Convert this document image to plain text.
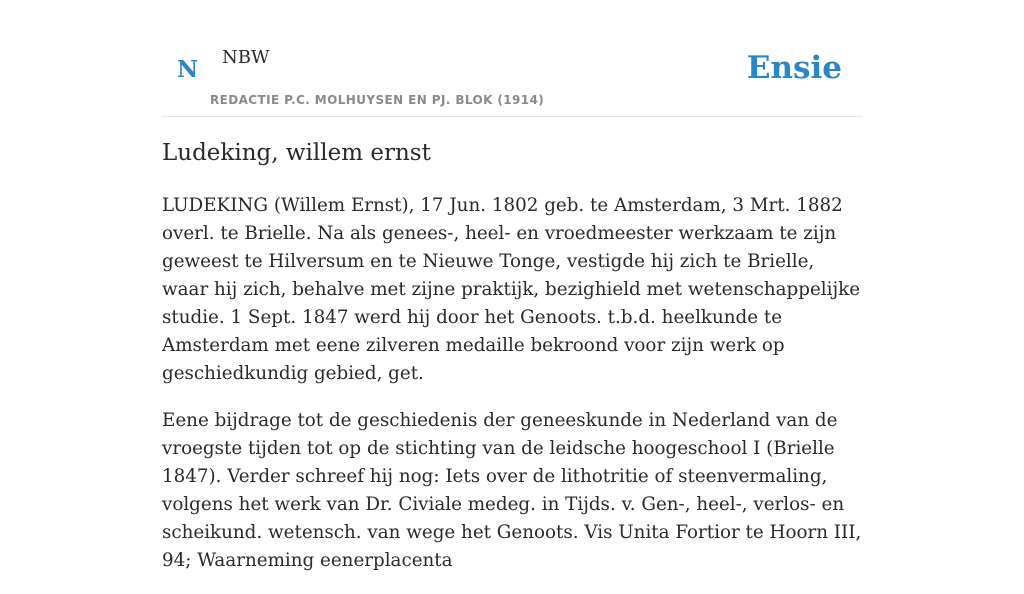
N NBW
REDACTIE P.C. MOLHUYSEN EN PJ. BLOK (1914)
Ensie
Ludeking, willem ernst

LUDEKING (Willem Ernst), 17 Jun. 1802 geb. te Amsterdam, 3 Mrt. 1882 overl. te Brielle. Na als genees-, heel- en vroedmeester werkzaam te zijn geweest te Hilversum en te Nieuwe Tonge, vestigde hij zich te Brielle, waar hij zich, behalve met zijne praktijk, bezighield met wetenschappelijke studie. 1 Sept. 1847 werd hij door het Genoots. t.b.d. heelkunde te Amsterdam met eene zilveren medaille bekroond voor zijn werk op geschiedkundig gebied, get.

Eene bijdrage tot de geschiedenis der geneeskunde in Nederland van de vroegste tijden tot op de stichting van de leidsche hoogeschool I (Brielle 1847). Verder schreef hij nog: Iets over de lithotritie of steenvermaling, volgens het werk van Dr. Civiale medeg. in Tijds. v. Gen-, heel-, verlos- en scheikund. wetensch. van wege het Genoots. Vis Unita Fortior te Hoorn III, 94; Waarneming eenerplacenta
